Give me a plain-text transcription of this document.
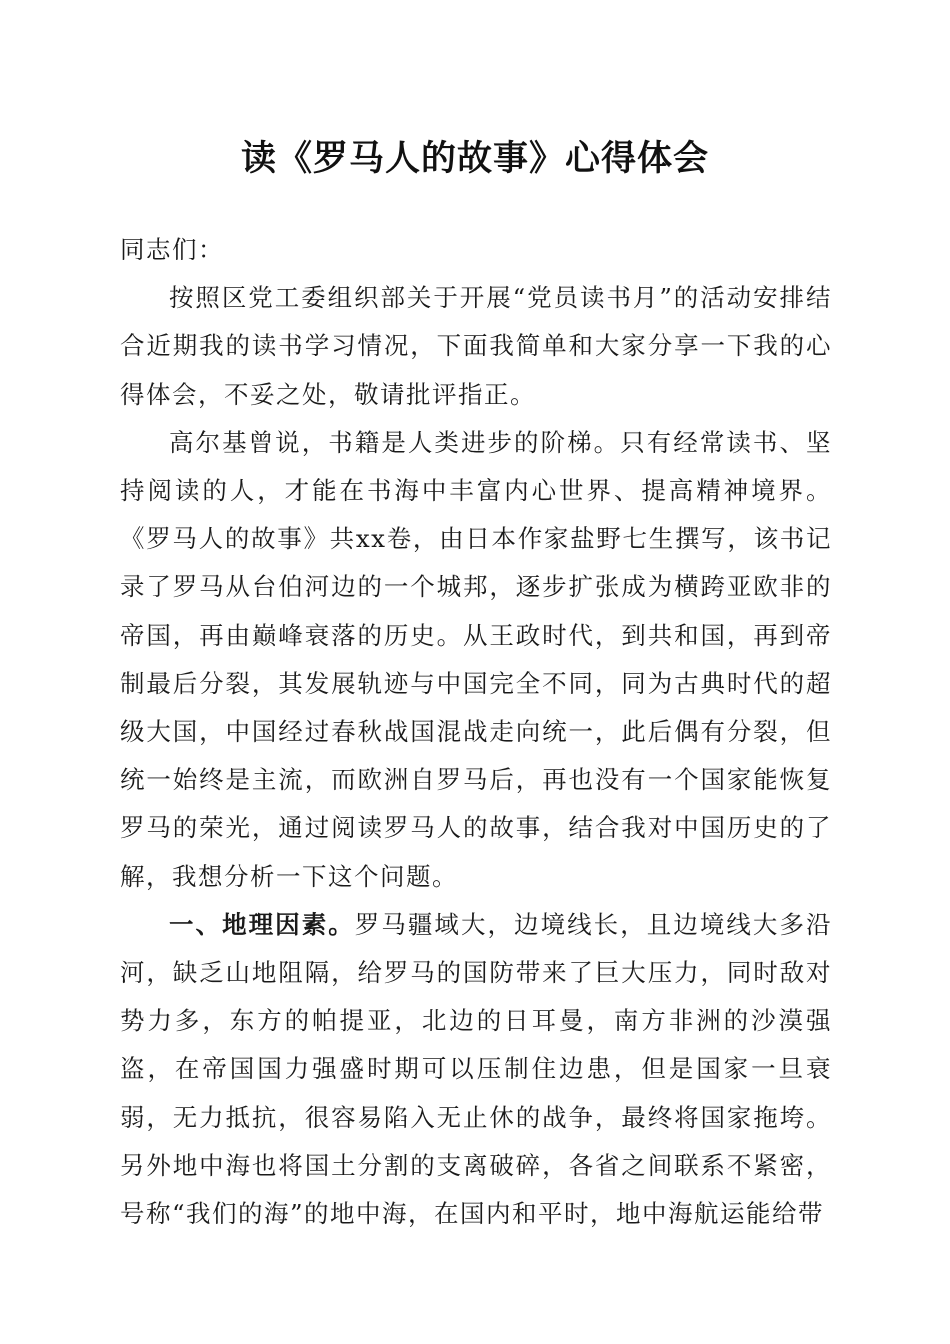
读《罗马人的故事》心得体会

同志们：

按照区党工委组织部关于开展“党员读书月”的活动安排结合近期我的读书学习情况，下面我简单和大家分享一下我的心得体会，不妥之处，敬请批评指正。

高尔基曾说，书籍是人类进步的阶梯。只有经常读书、坚持阅读的人，才能在书海中丰富内心世界、提高精神境界。《罗马人的故事》共xx卷，由日本作家盐野七生撰写，该书记录了罗马从台伯河边的一个城邦，逐步扩张成为横跨亚欧非的帝国，再由巅峰衰落的历史。从王政时代，到共和国，再到帝制最后分裂，其发展轨迹与中国完全不同，同为古典时代的超级大国，中国经过春秋战国混战走向统一，此后偶有分裂，但统一始终是主流，而欧洲自罗马后，再也没有一个国家能恢复罗马的荣光，通过阅读罗马人的故事，结合我对中国历史的了解，我想分析一下这个问题。

一、地理因素。罗马疆域大，边境线长，且边境线大多沿河，缺乏山地阻隔，给罗马的国防带来了巨大压力，同时敌对势力多，东方的帕提亚，北边的日耳曼，南方非洲的沙漠强盗，在帝国国力强盛时期可以压制住边患，但是国家一旦衰弱，无力抵抗，很容易陷入无止休的战争，最终将国家拖垮。另外地中海也将国土分割的支离破碎，各省之间联系不紧密，号称“我们的海”的地中海，在国内和平时，地中海航运能给带
